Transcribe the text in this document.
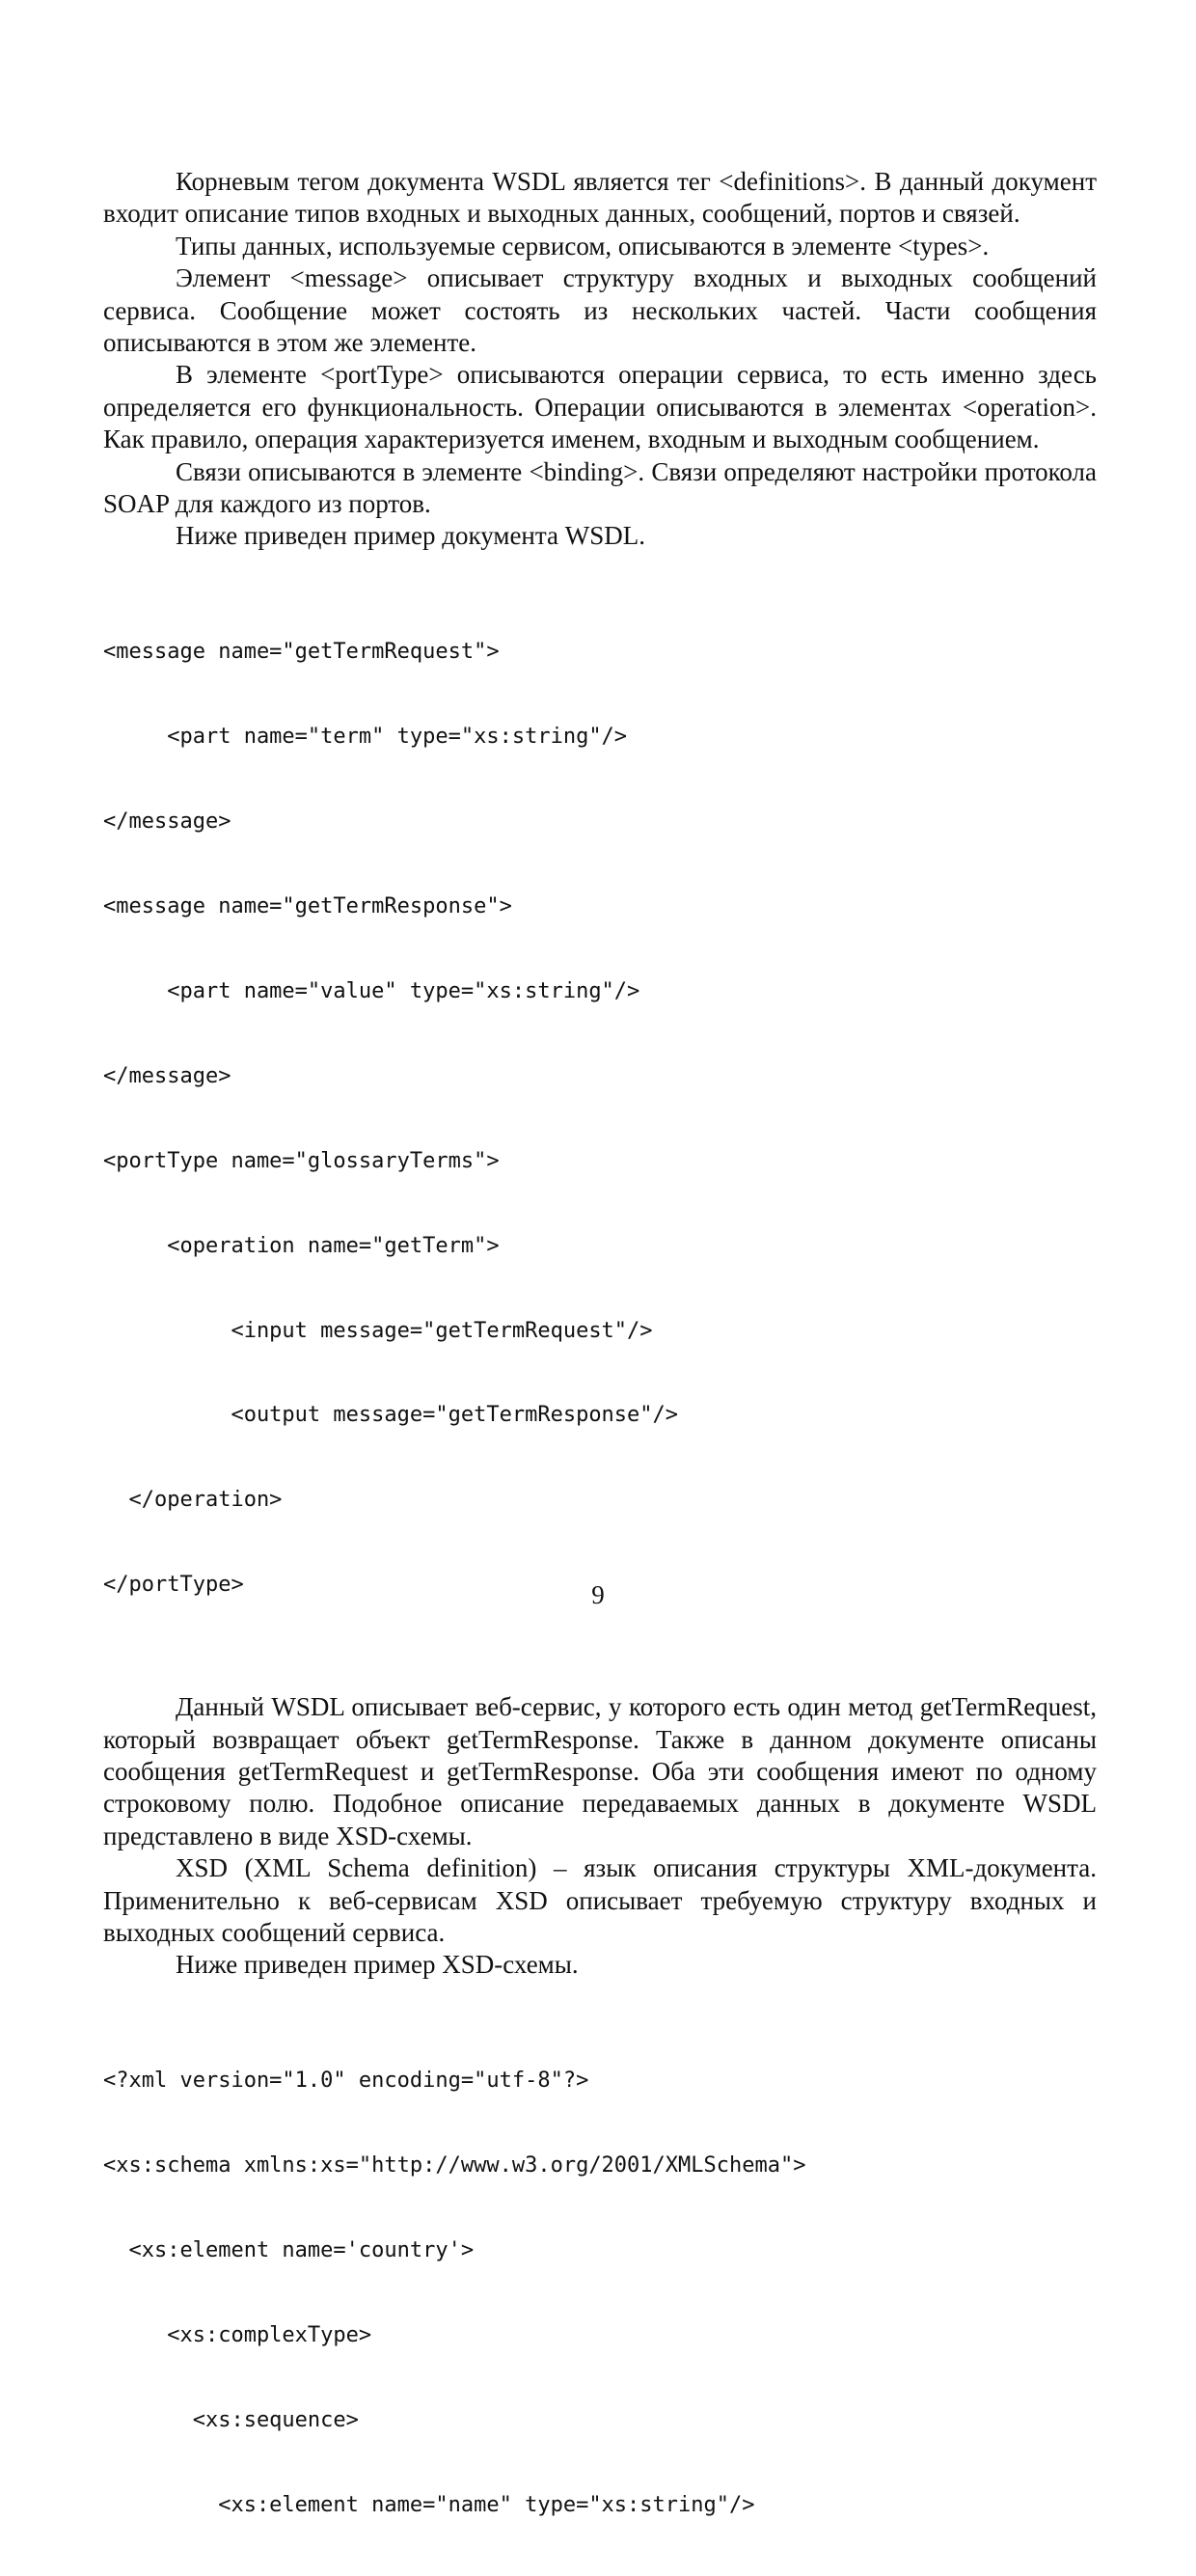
Корневым тегом документа WSDL является тег <definitions>. В данный документ входит описание типов входных и выходных данных, сообщений, портов и связей.

Типы данных, используемые сервисом, описываются в элементе <types>.

Элемент <message> описывает структуру входных и выходных сообщений сервиса. Сообщение может состоять из нескольких частей. Части сообщения описываются в этом же элементе.

В элементе <portType> описываются операции сервиса, то есть именно здесь определяется его функциональность. Операции описываются в элементах <operation>. Как правило, операция характеризуется именем, входным и выходным сообщением.

Связи описываются в элементе <binding>. Связи определяют настройки протокола SOAP для каждого из портов.

Ниже приведен пример документа WSDL.

<message name="getTermRequest">

<part name="term" type="xs:string"/>

</message>

<message name="getTermResponse">

<part name="value" type="xs:string"/>

</message>

<portType name="glossaryTerms">

<operation name="getTerm">

<input message="getTermRequest"/>

<output message="getTermResponse"/>

</operation>

</portType>

Данный WSDL описывает веб-сервис, у которого есть один метод getTermRequest, который возвращает объект getTermResponse. Также в данном документе описаны сообщения getTermRequest и getTermResponse. Оба эти сообщения имеют по одному строковому полю. Подобное описание передаваемых данных в документе WSDL представлено в виде XSD-схемы.

XSD (XML Schema definition) – язык описания структуры XML-документа. Применительно к веб-сервисам XSD описывает требуемую структуру входных и выходных сообщений сервиса.

Ниже приведен пример XSD-схемы.

<?xml version="1.0" encoding="utf-8"?>

<xs:schema xmlns:xs="http://www.w3.org/2001/XMLSchema">

<xs:element name='country'>

<xs:complexType>

<xs:sequence>

<xs:element name="name" type="xs:string"/>

9
